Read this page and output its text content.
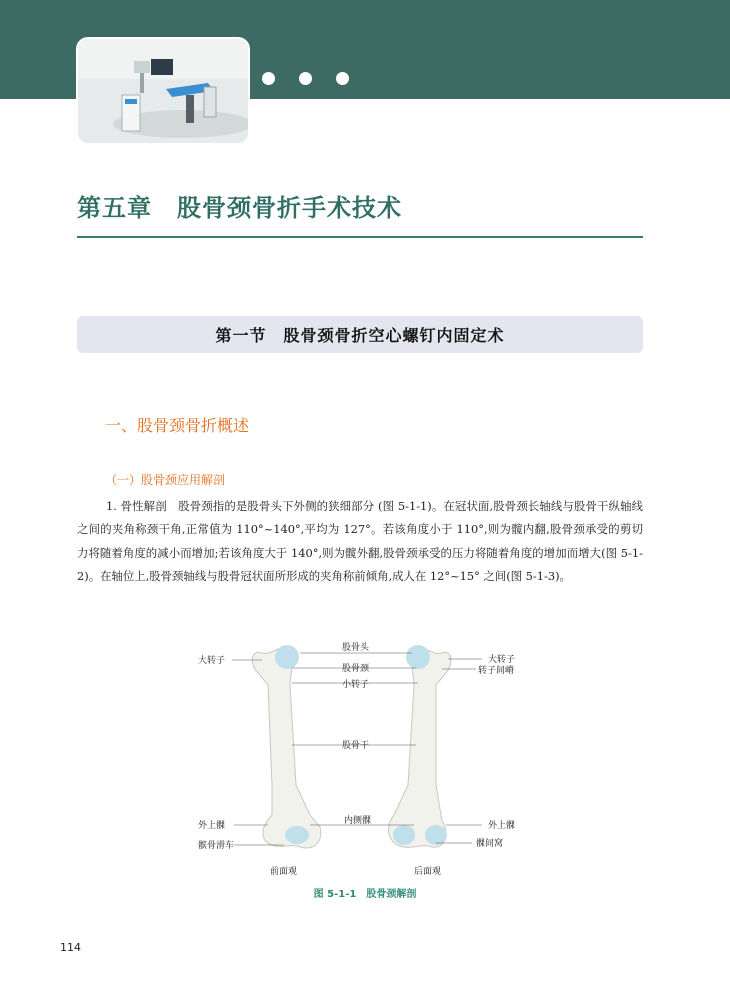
第五章　股骨颈骨折手术技术
第一节　股骨颈骨折空心螺钉内固定术
一、股骨颈骨折概述
（一）股骨颈应用解剖
1. 骨性解剖　股骨颈指的是股骨头下外侧的狭细部分 (图 5-1-1)。在冠状面,股骨颈长轴线与股骨干纵轴线之间的夹角称颈干角,正常值为 110°~140°,平均为 127°。若该角度小于 110°,则为髋内翻,股骨颈承受的剪切力将随着角度的减小而增加;若该角度大于 140°,则为髋外翻,股骨颈承受的压力将随着角度的增加而增大(图 5-1-2)。在轴位上,股骨颈轴线与股骨冠状面所形成的夹角称前倾角,成人在 12°~15° 之间(图 5-1-3)。
大转子
股骨头
股骨颈
小转子
大转子
转子间嵴
股骨干
外上髁
髌骨滑车
内侧髁	外上髁
髁间窝
前面观	后面观
图 5-1-1　股骨颈解剖
114
